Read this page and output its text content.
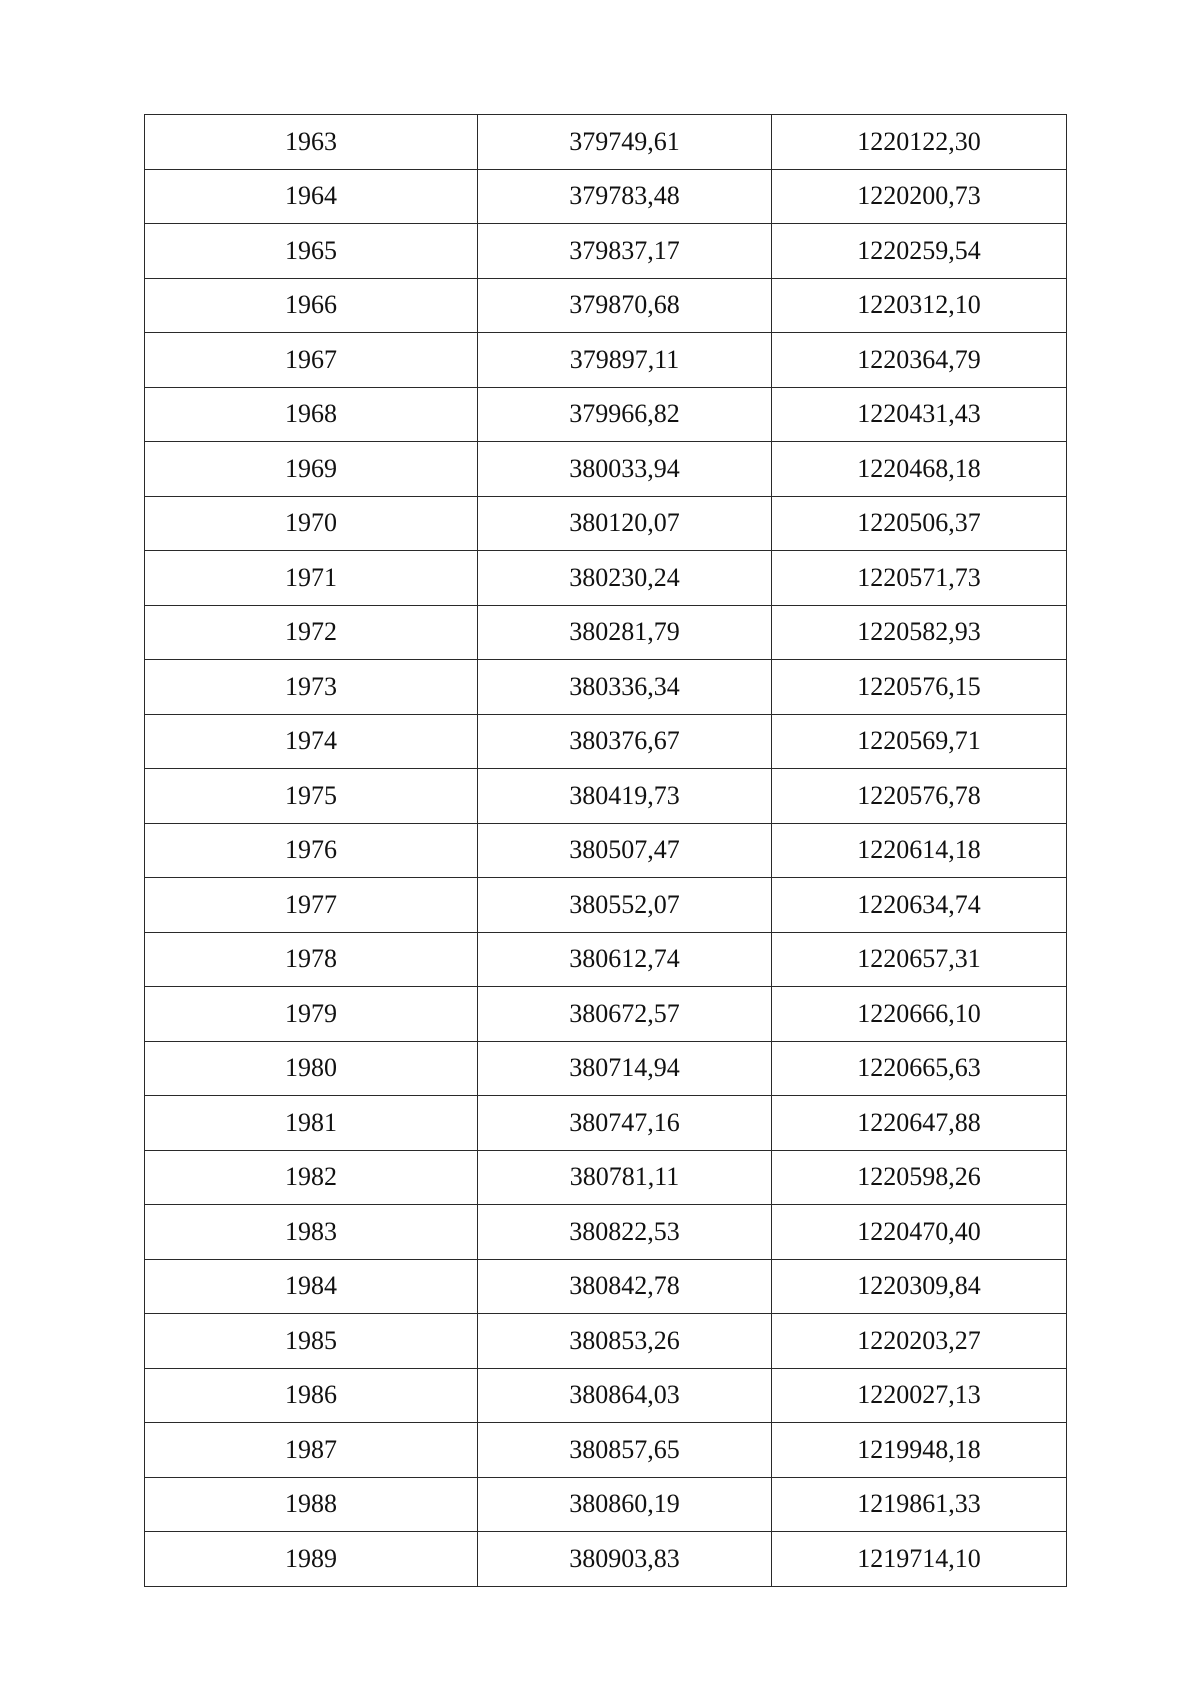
1963	379749,61	1220122,30
1964	379783,48	1220200,73
1965	379837,17	1220259,54
1966	379870,68	1220312,10
1967	379897,11	1220364,79
1968	379966,82	1220431,43
1969	380033,94	1220468,18
1970	380120,07	1220506,37
1971	380230,24	1220571,73
1972	380281,79	1220582,93
1973	380336,34	1220576,15
1974	380376,67	1220569,71
1975	380419,73	1220576,78
1976	380507,47	1220614,18
1977	380552,07	1220634,74
1978	380612,74	1220657,31
1979	380672,57	1220666,10
1980	380714,94	1220665,63
1981	380747,16	1220647,88
1982	380781,11	1220598,26
1983	380822,53	1220470,40
1984	380842,78	1220309,84
1985	380853,26	1220203,27
1986	380864,03	1220027,13
1987	380857,65	1219948,18
1988	380860,19	1219861,33
1989	380903,83	1219714,10
